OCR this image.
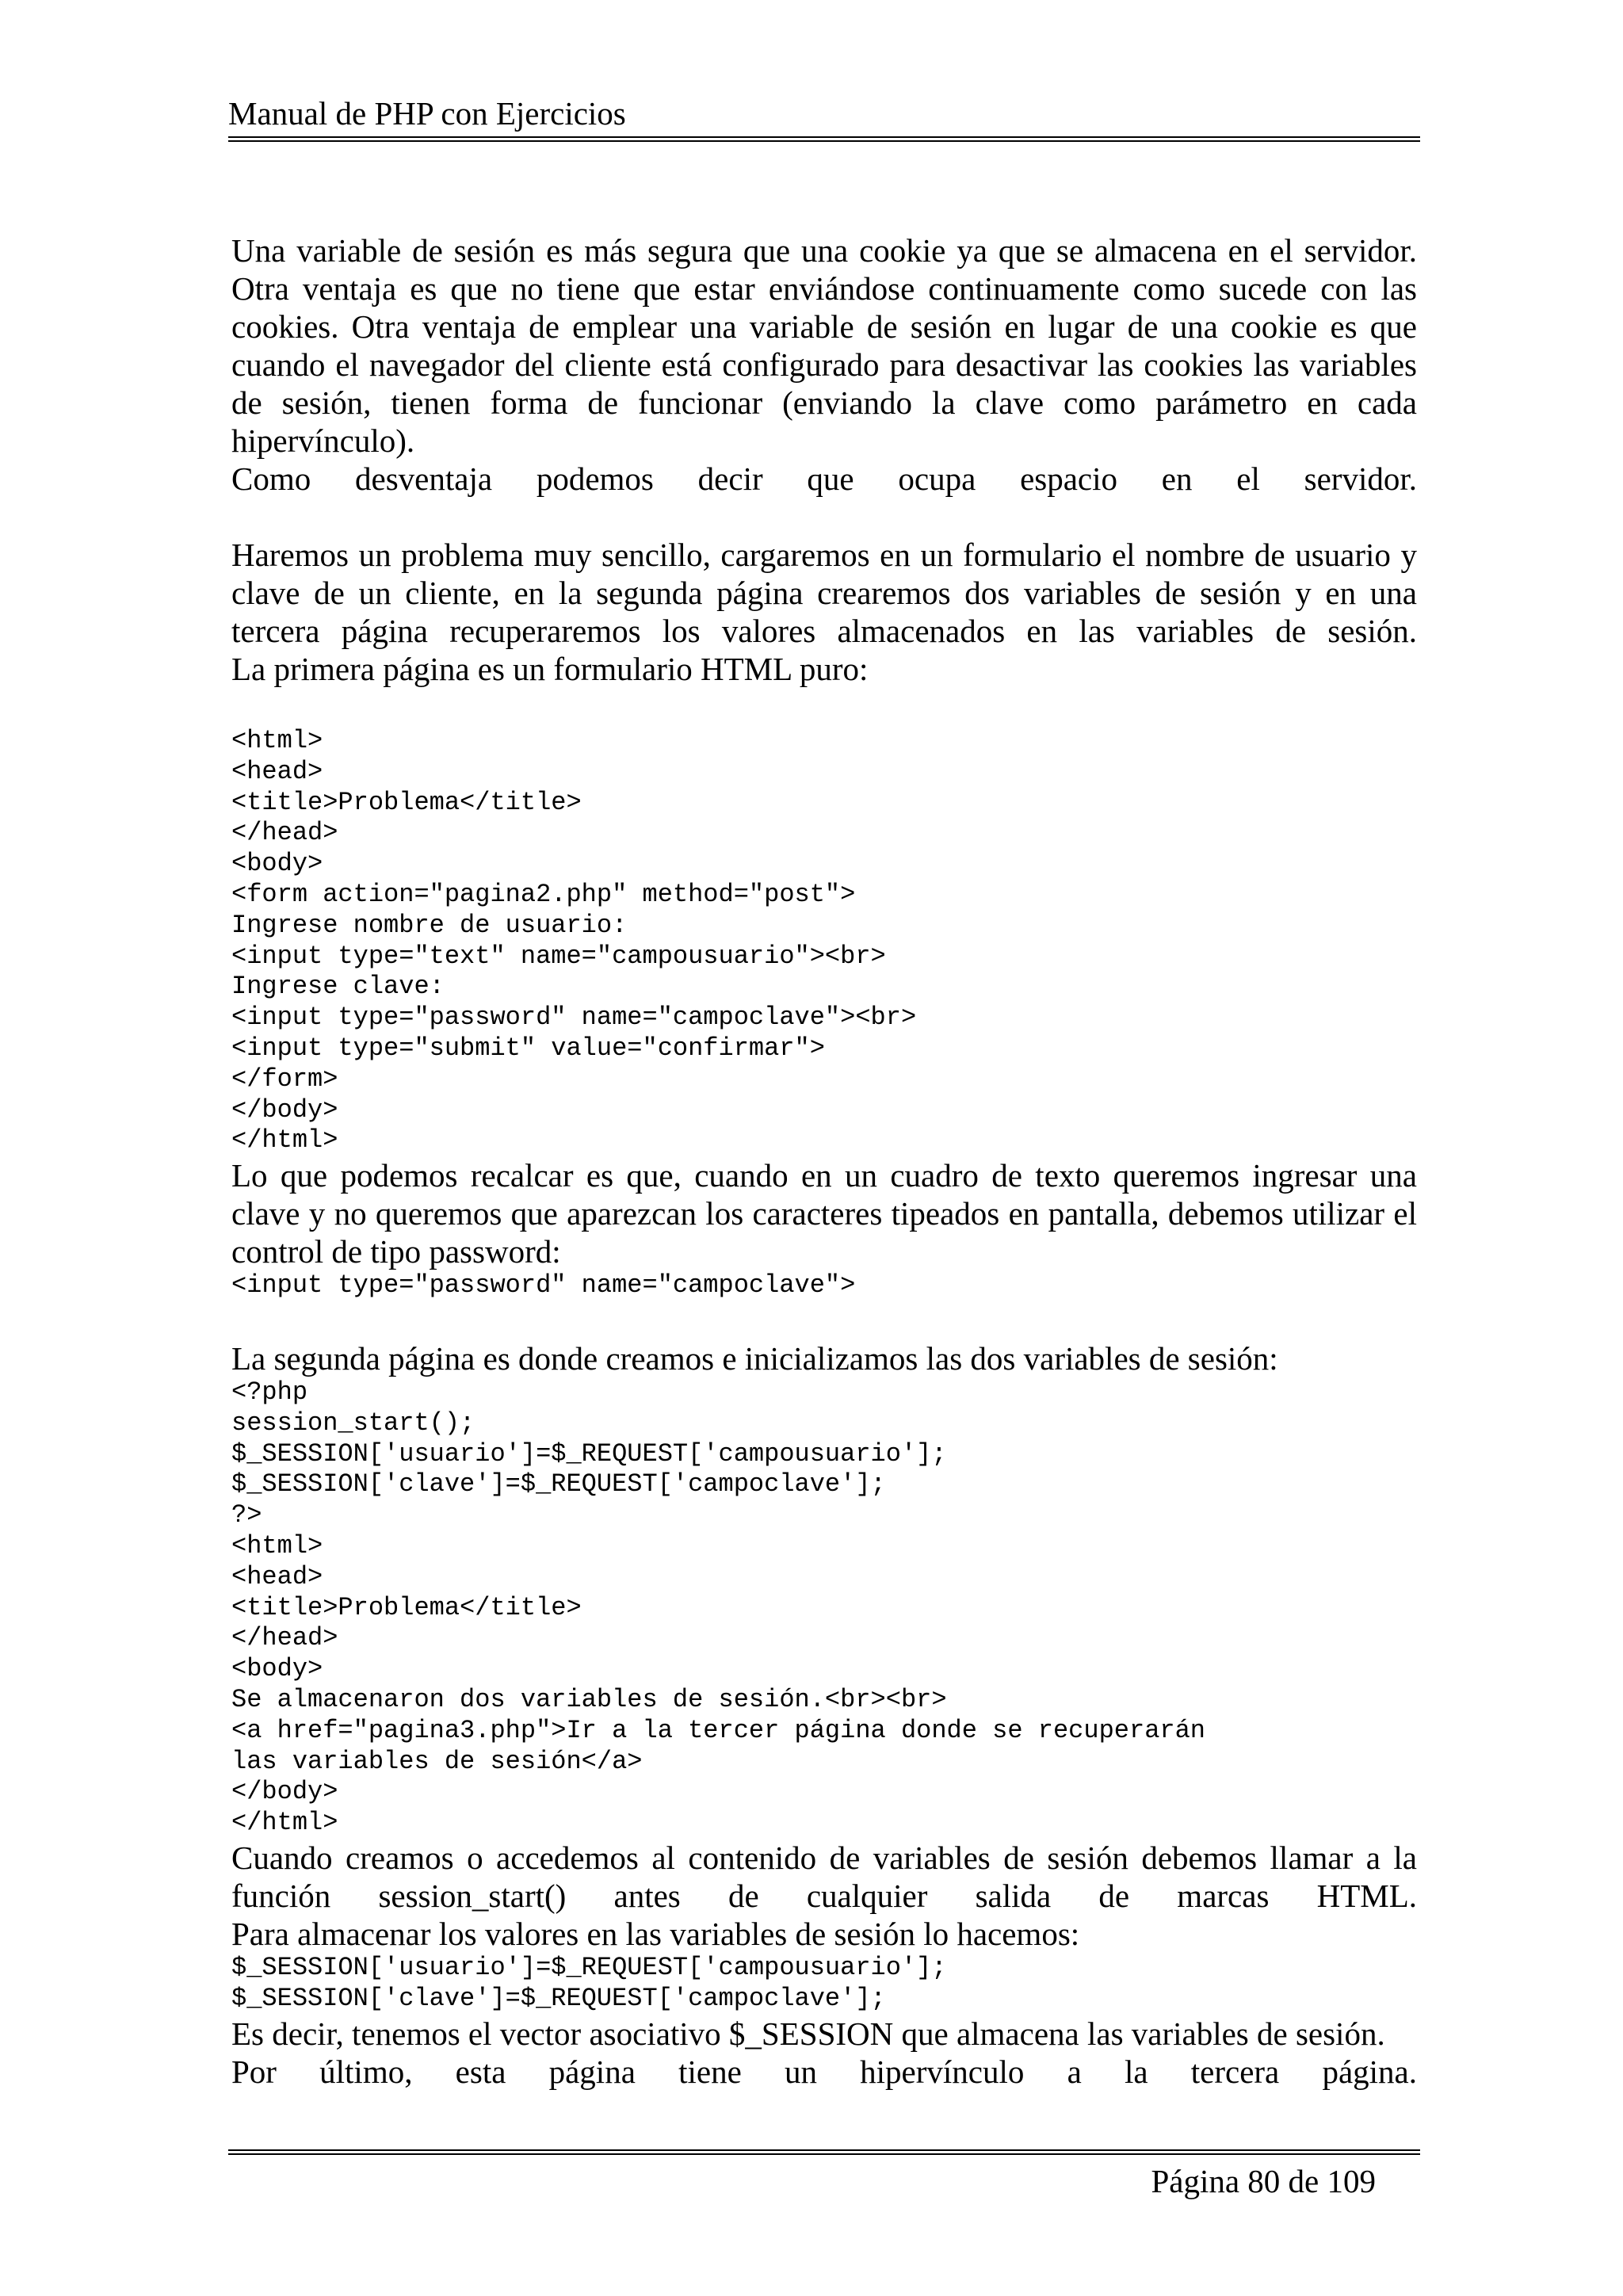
Manual de PHP con Ejercicios

Una variable de sesión es más segura que una cookie ya que se almacena en el servidor. Otra ventaja es que no tiene que estar enviándose continuamente como sucede con las cookies. Otra ventaja de emplear una variable de sesión en lugar de una cookie es que cuando el navegador del cliente está configurado para desactivar las cookies las variables de sesión, tienen forma de funcionar (enviando la clave como parámetro en cada hipervínculo).

Como desventaja podemos decir que ocupa espacio en el servidor.

Haremos un problema muy sencillo, cargaremos en un formulario el nombre de usuario y clave de un cliente, en la segunda página crearemos dos variables de sesión y en una tercera página recuperaremos los valores almacenados en las variables de sesión.

La primera página es un formulario HTML puro:

<html>
<head>
<title>Problema</title>
</head>
<body>
<form action="pagina2.php" method="post">
Ingrese nombre de usuario:
<input type="text" name="campousuario"><br>
Ingrese clave:
<input type="password" name="campoclave"><br>
<input type="submit" value="confirmar">
</form>
</body>
</html>

Lo que podemos recalcar es que, cuando en un cuadro de texto queremos ingresar una clave y no queremos que aparezcan los caracteres tipeados en pantalla, debemos utilizar el control de tipo password:

<input type="password" name="campoclave">

La segunda página es donde creamos e inicializamos las dos variables de sesión:

<?php
session_start();
$_SESSION['usuario']=$_REQUEST['campousuario'];
$_SESSION['clave']=$_REQUEST['campoclave'];
?>
<html>
<head>
<title>Problema</title>
</head>
<body>
Se almacenaron dos variables de sesión.<br><br>
<a href="pagina3.php">Ir a la tercer página donde se recuperarán
las variables de sesión</a>
</body>
</html>

Cuando creamos o accedemos al contenido de variables de sesión debemos llamar a la función session_start() antes de cualquier salida de marcas HTML.

Para almacenar los valores en las variables de sesión lo hacemos:

$_SESSION['usuario']=$_REQUEST['campousuario'];
$_SESSION['clave']=$_REQUEST['campoclave'];

Es decir, tenemos el vector asociativo $_SESSION que almacena las variables de sesión.

Por último, esta página tiene un hipervínculo a la tercera página.

Página 80 de 109
